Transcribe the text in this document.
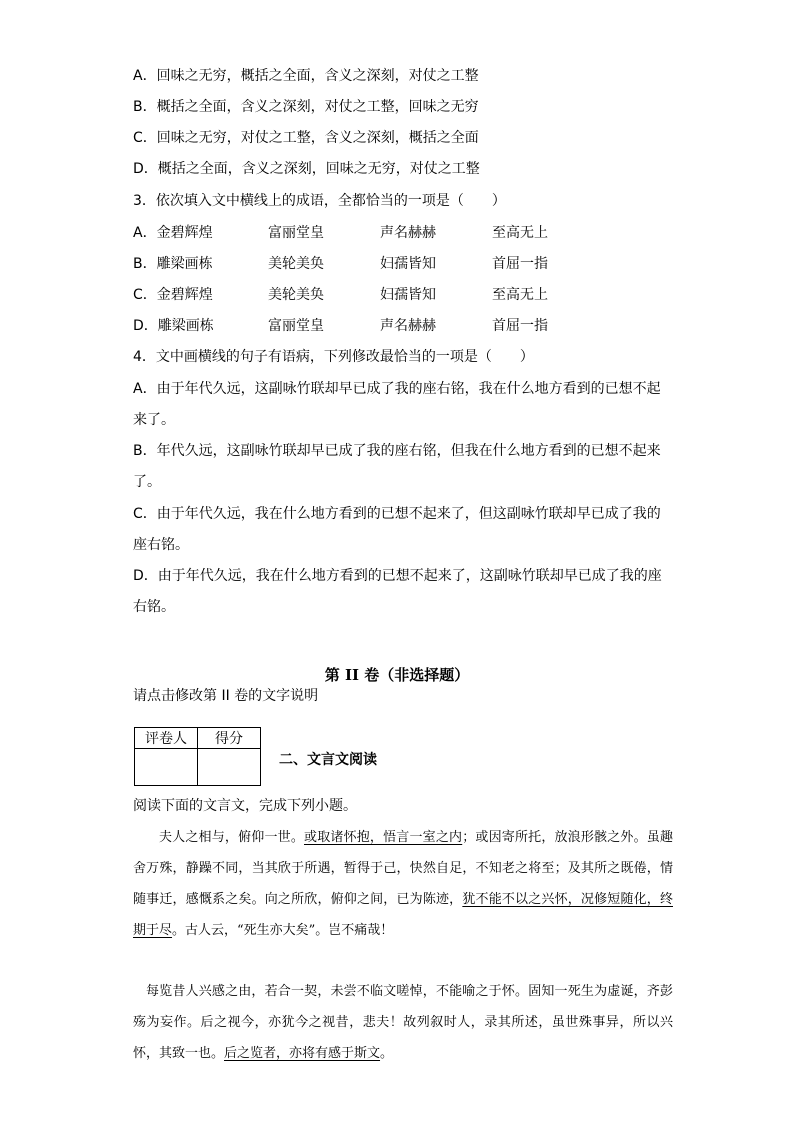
A．回味之无穷，概括之全面，含义之深刻，对仗之工整
B．概括之全面，含义之深刻，对仗之工整，回味之无穷
C．回味之无穷，对仗之工整，含义之深刻，概括之全面
D．概括之全面，含义之深刻，回味之无穷，对仗之工整
3．依次填入文中横线上的成语，全都恰当的一项是（　　）
A．金碧辉煌	富丽堂皇	声名赫赫	至高无上
B．雕梁画栋	美轮美奂	妇孺皆知	首屈一指
C．金碧辉煌	美轮美奂	妇孺皆知	至高无上
D．雕梁画栋	富丽堂皇	声名赫赫	首屈一指
4．文中画横线的句子有语病，下列修改最恰当的一项是（　　）
A．由于年代久远，这副咏竹联却早已成了我的座右铭，我在什么地方看到的已想不起
来了。
B．年代久远，这副咏竹联却早已成了我的座右铭，但我在什么地方看到的已想不起来
了。
C．由于年代久远，我在什么地方看到的已想不起来了，但这副咏竹联却早已成了我的
座右铭。
D．由于年代久远，我在什么地方看到的已想不起来了，这副咏竹联却早已成了我的座
右铭。
第 II 卷（非选择题）
请点击修改第 II 卷的文字说明
评卷人	得分

二、文言文阅读
阅读下面的文言文，完成下列小题。
夫人之相与，俯仰一世。或取诸怀抱，悟言一室之内；或因寄所托，放浪形骸之外。虽趣舍万殊，静躁不同，当其欣于所遇，暂得于己，快然自足，不知老之将至；及其所之既倦，情随事迁，感慨系之矣。向之所欣，俯仰之间，已为陈迹，犹不能不以之兴怀，况修短随化，终期于尽。古人云，“死生亦大矣”。岂不痛哉！
每览昔人兴感之由，若合一契，未尝不临文嗟悼，不能喻之于怀。固知一死生为虚诞，齐彭殇为妄作。后之视今，亦犹今之视昔，悲夫！故列叙时人，录其所述，虽世殊事异，所以兴怀，其致一也。后之览者，亦将有感于斯文。
